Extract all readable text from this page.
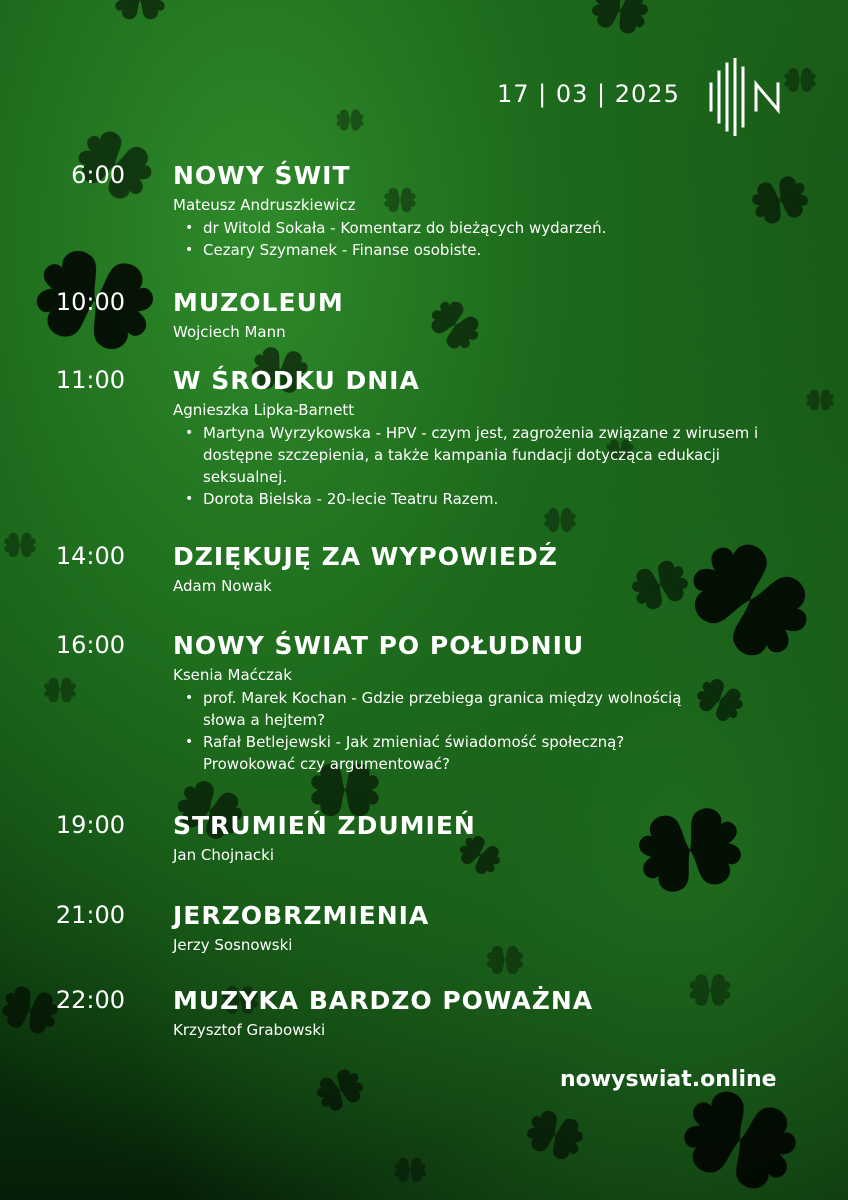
17 | 03 | 2025
6:00 NOWY ŚWIT
Mateusz Andruszkiewicz
• dr Witold Sokała - Komentarz do bieżących wydarzeń.
• Cezary Szymanek - Finanse osobiste.
10:00 MUZOLEUM
Wojciech Mann
11:00 W ŚRODKU DNIA
Agnieszka Lipka-Barnett
• Martyna Wyrzykowska - HPV - czym jest, zagrożenia związane z wirusem i dostępne szczepienia, a także kampania fundacji dotycząca edukacji seksualnej.
• Dorota Bielska - 20-lecie Teatru Razem.
14:00 DZIĘKUJĘ ZA WYPOWIEDŹ
Adam Nowak
16:00 NOWY ŚWIAT PO POŁUDNIU
Ksenia Maćczak
• prof. Marek Kochan - Gdzie przebiega granica między wolnością słowa a hejtem?
• Rafał Betlejewski - Jak zmieniać świadomość społeczną? Prowokować czy argumentować?
19:00 STRUMIEŃ ZDUMIEŃ
Jan Chojnacki
21:00 JERZOBRZMIENIA
Jerzy Sosnowski
22:00 MUZYKA BARDZO POWAŻNA
Krzysztof Grabowski
nowyswiat.online
